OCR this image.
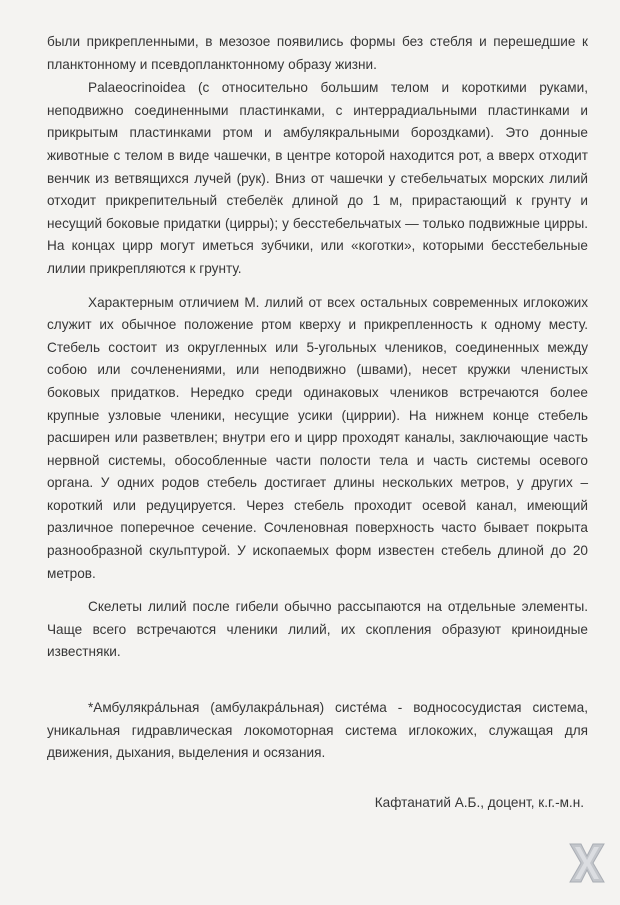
были прикрепленными, в мезозое появились формы без стебля и перешедшие к планктонному и псевдопланктонному образу жизни.

Palaeocrinoidea (с относительно большим телом и короткими руками, неподвижно соединенными пластинками, с интеррадиальными пластинками и прикрытым пластинками ртом и амбулякральными бороздками). Это донные животные с телом в виде чашечки, в центре которой находится рот, а вверх отходит венчик из ветвящихся лучей (рук). Вниз от чашечки у стебельчатых морских лилий отходит прикрепительный стебелёк длиной до 1 м, прирастающий к грунту и несущий боковые придатки (цирры); у бесстебельчатых — только подвижные цирры. На концах цирр могут иметься зубчики, или «коготки», которыми бесстебельные лилии прикрепляются к грунту.

Характерным отличием М. лилий от всех остальных современных иглокожих служит их обычное положение ртом кверху и прикрепленность к одному месту. Стебель состоит из округленных или 5-угольных члеников, соединенных между собою или сочленениями, или неподвижно (швами), несет кружки членистых боковых придатков. Нередко среди одинаковых члеников встречаются более крупные узловые членики, несущие усики (циррии). На нижнем конце стебель расширен или разветвлен; внутри его и цирр проходят каналы, заключающие часть нервной системы, обособленные части полости тела и часть системы осевого органа. У одних родов стебель достигает длины нескольких метров, у других – короткий или редуцируется. Через стебель проходит осевой канал, имеющий различное поперечное сечение. Сочленовная поверхность часто бывает покрыта разнообразной скульптурой. У ископаемых форм известен стебель длиной до 20 метров.

Скелеты лилий после гибели обычно рассыпаются на отдельные элементы. Чаще всего встречаются членики лилий, их скопления образуют криноидные известняки.

*Амбулякра́льная (амбулакра́льная) систе́ма - воднососудистая система, уникальная гидравлическая локомоторная система иглокожих, служащая для движения, дыхания, выделения и осязания.

Кафтанатий А.Б., доцент, к.г.-м.н.
